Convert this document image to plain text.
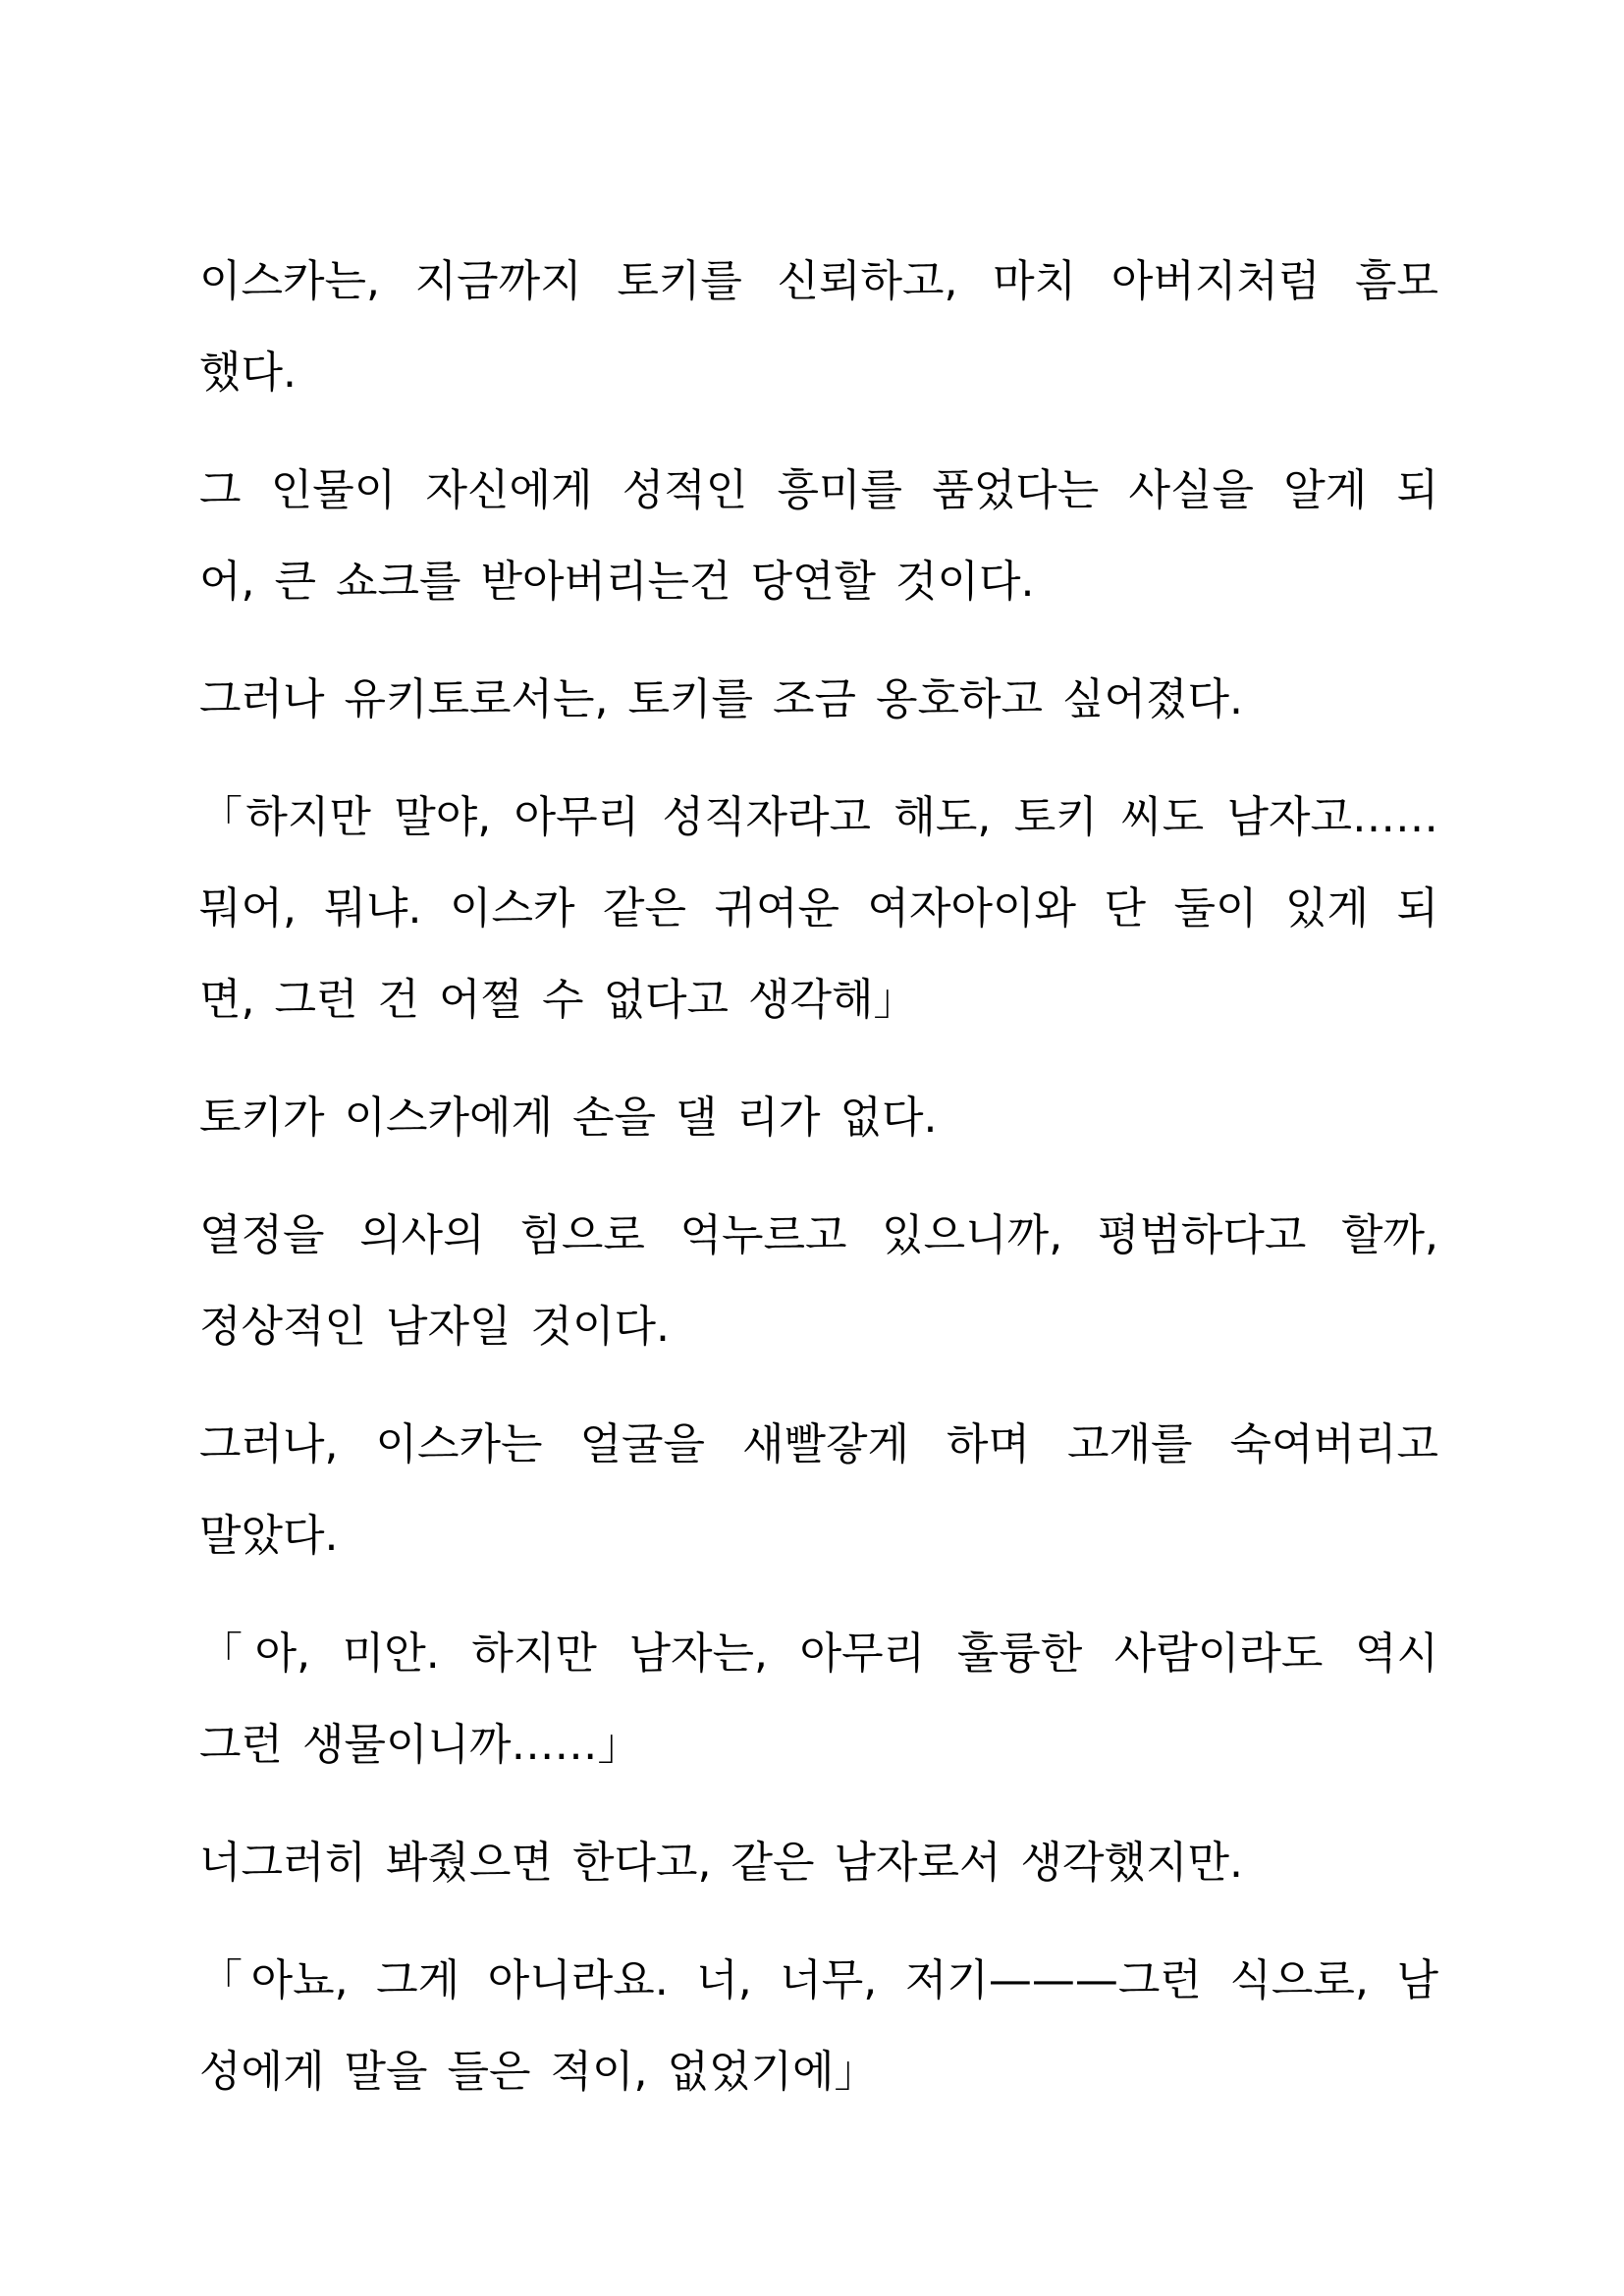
이스카는, 지금까지 토키를 신뢰하고, 마치 아버지처럼 흠모
했다.

그 인물이 자신에게 성적인 흥미를 품었다는 사실을 알게 되
어, 큰 쇼크를 받아버리는건 당연할 것이다.

그러나 유키토로서는, 토키를 조금 옹호하고 싶어졌다.

「하지만 말야, 아무리 성직자라고 해도, 토키 씨도 남자고……
뭐어, 뭐냐. 이스카 같은 귀여운 여자아이와 단 둘이 있게 되
면, 그런 건 어쩔 수 없다고 생각해」

토키가 이스카에게 손을 댈 리가 없다.

열정을 의사의 힘으로 억누르고 있으니까, 평범하다고 할까,
정상적인 남자일 것이다.

그러나, 이스카는 얼굴을 새빨갛게 하며 고개를 숙여버리고
말았다.

「아, 미안. 하지만 남자는, 아무리 훌륭한 사람이라도 역시
그런 생물이니까……」

너그러히 봐줬으면 한다고, 같은 남자로서 생각했지만.

「아뇨, 그게 아니라요. 너, 너무, 저기———그런 식으로, 남
성에게 말을 들은 적이, 없었기에」
